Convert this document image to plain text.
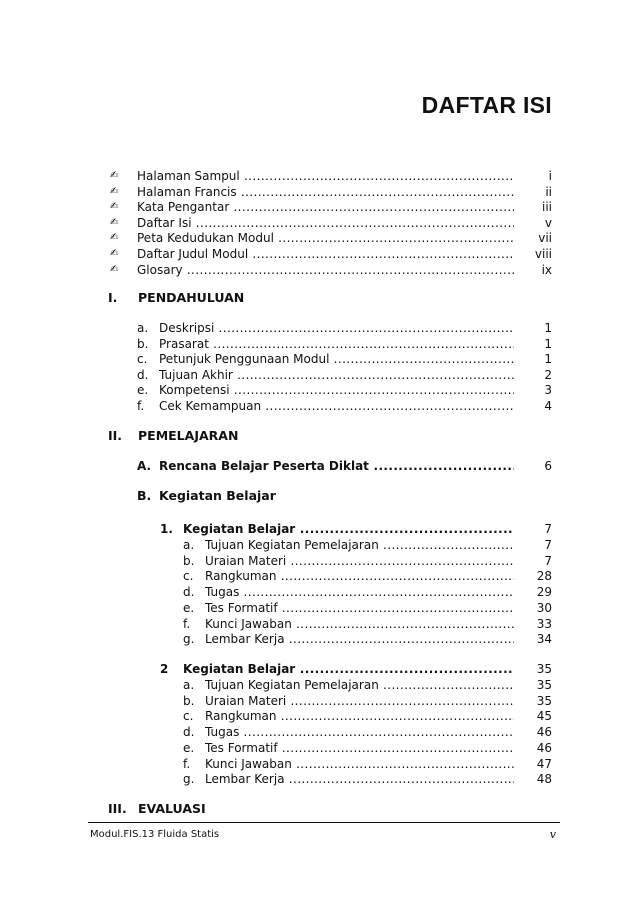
DAFTAR ISI
✍ Halaman Sampul .....	i
✍ Halaman Francis .....	ii
✍ Kata Pengantar .....	iii
✍ Daftar Isi .....	v
✍ Peta Kedudukan Modul .....	vii
✍ Daftar Judul Modul .....	viii
✍ Glosary .....	ix
I. PENDAHULUAN
a. Deskripsi .....	1
b. Prasarat .....	1
c. Petunjuk Penggunaan Modul .....	1
d. Tujuan Akhir .....	2
e. Kompetensi .....	3
f. Cek Kemampuan .....	4
II. PEMELAJARAN
A. Rencana Belajar Peserta Diklat .....	6
B. Kegiatan Belajar
1. Kegiatan Belajar .....	7
a. Tujuan Kegiatan Pemelajaran .....	7
b. Uraian Materi .....	7
c. Rangkuman .....	28
d. Tugas .....	29
e. Tes Formatif .....	30
f. Kunci Jawaban .....	33
g. Lembar Kerja .....	34
2 Kegiatan Belajar .....	35
a. Tujuan Kegiatan Pemelajaran .....	35
b. Uraian Materi .....	35
c. Rangkuman .....	45
d. Tugas .....	46
e. Tes Formatif .....	46
f. Kunci Jawaban .....	47
g. Lembar Kerja .....	48
III. EVALUASI
Modul.FIS.13 Fluida Statis	v
